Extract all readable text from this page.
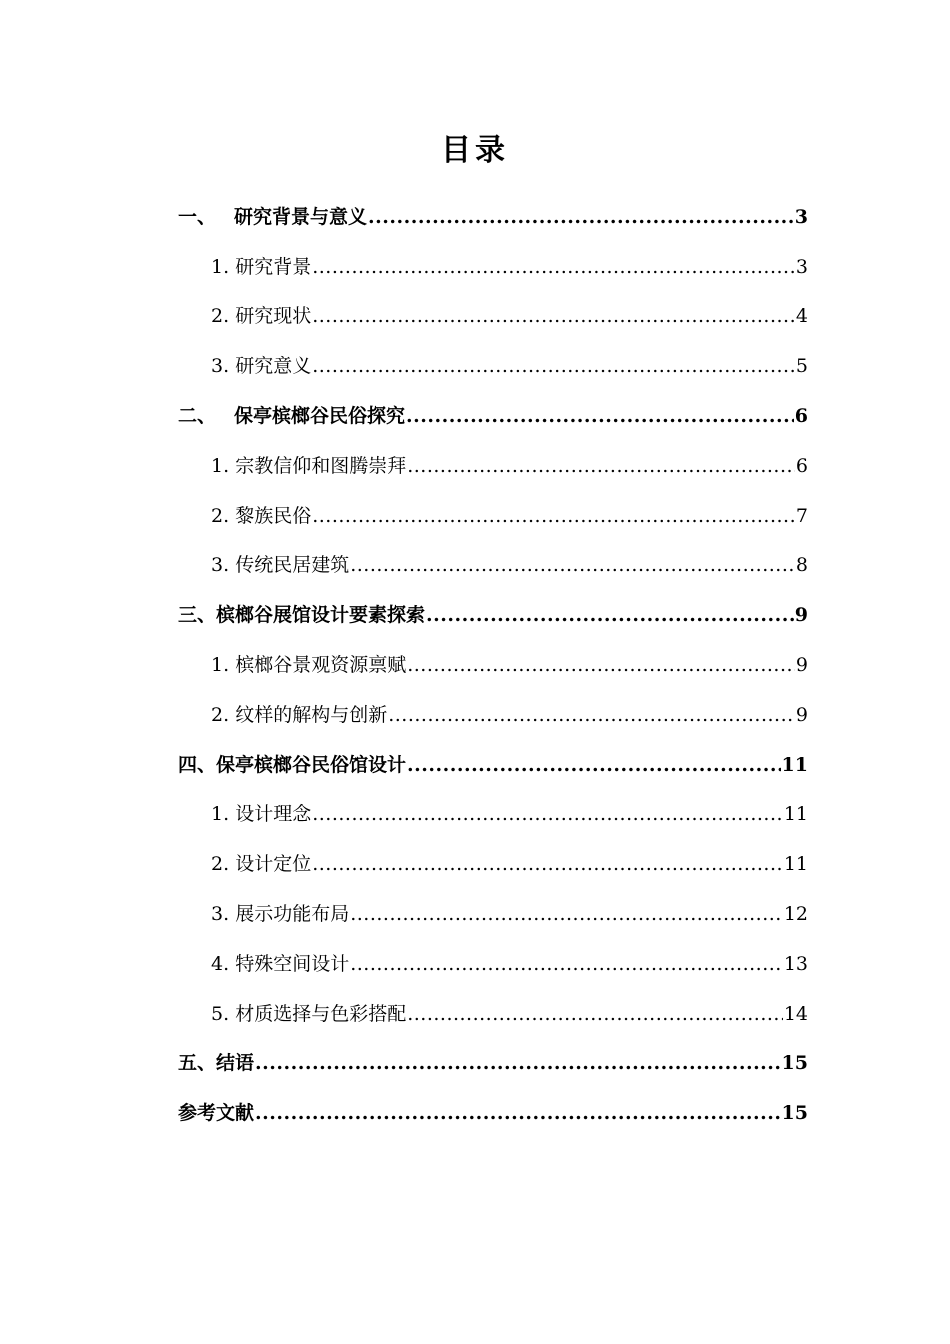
目录
一、 研究背景与意义 .....	3
1. 研究背景 .....	3
2. 研究现状 .....	4
3. 研究意义 .....	5
二、 保亭槟榔谷民俗探究 .....	6
1. 宗教信仰和图腾崇拜 .....	6
2. 黎族民俗 .....	7
3. 传统民居建筑 .....	8
三、槟榔谷展馆设计要素探索 .....	9
1. 槟榔谷景观资源禀赋 .....	9
2. 纹样的解构与创新 .....	9
四、保亭槟榔谷民俗馆设计 .....	11
1. 设计理念 .....	11
2. 设计定位 .....	11
3. 展示功能布局 .....	12
4. 特殊空间设计 .....	13
5. 材质选择与色彩搭配 .....	14
五、结语 .....	15
参考文献 .....	15
